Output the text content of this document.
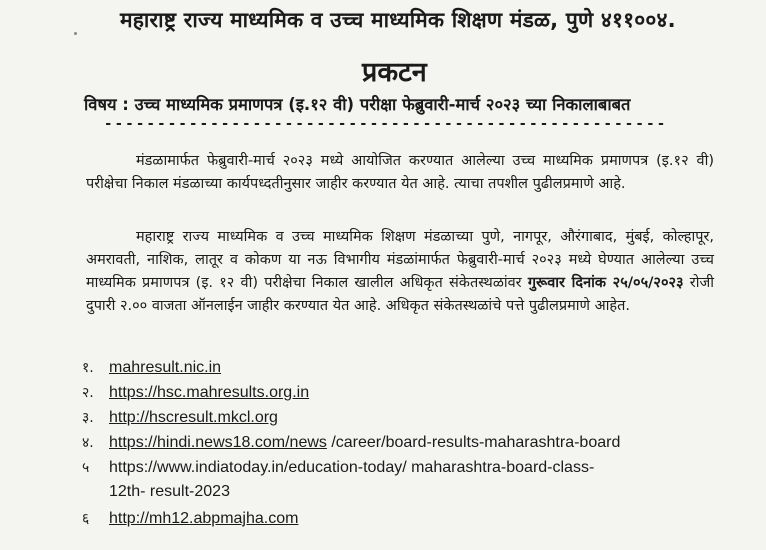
महाराष्ट्र राज्य माध्यमिक व उच्च माध्यमिक शिक्षण मंडळ, पुणे ४११००४.
प्रकटन
विषय : उच्च माध्यमिक प्रमाणपत्र (इ.१२ वी) परीक्षा फेब्रुवारी-मार्च २०२३ च्या निकालाबाबत
-----------------------------------------------------
मंडळामार्फत फेब्रुवारी-मार्च २०२३ मध्ये आयोजित करण्यात आलेल्या उच्च माध्यमिक प्रमाणपत्र (इ.१२ वी) परीक्षेचा निकाल मंडळाच्या कार्यपध्दतीनुसार जाहीर करण्यात येत आहे. त्याचा तपशील पुढीलप्रमाणे आहे.
महाराष्ट्र राज्य माध्यमिक व उच्च माध्यमिक शिक्षण मंडळाच्या पुणे, नागपूर, औरंगाबाद, मुंबई, कोल्हापूर, अमरावती, नाशिक, लातूर व कोकण या नऊ विभागीय मंडळांमार्फत फेब्रुवारी-मार्च २०२३ मध्ये घेण्यात आलेल्या उच्च माध्यमिक प्रमाणपत्र (इ. १२ वी) परीक्षेचा निकाल खालील अधिकृत संकेतस्थळांवर गुरूवार दिनांक २५/०५/२०२३ रोजी दुपारी २.०० वाजता ऑनलाईन जाहीर करण्यात येत आहे. अधिकृत संकेतस्थळांचे पत्ते पुढीलप्रमाणे आहेत.
१. mahresult.nic.in
२. https://hsc.mahresults.org.in
३. http://hscresult.mkcl.org
४. https://hindi.news18.com/news /career/board-results-maharashtra-board
५ https://www.indiatoday.in/education-today/ maharashtra-board-class-
12th- result-2023
६ http://mh12.abpmajha.com
